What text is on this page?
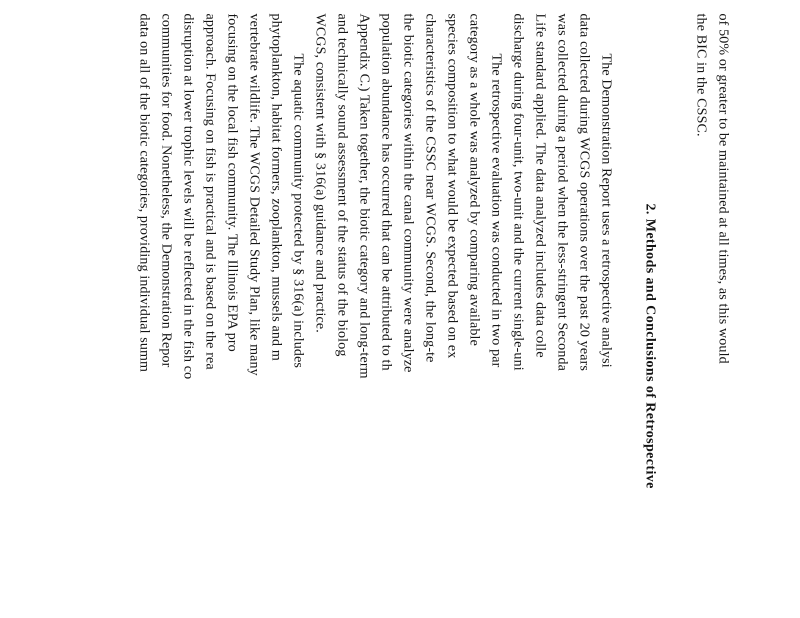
of 50% or greater to be maintained at all times, as this would
the BIC in the CSSC.
2. Methods and Conclusions of Retrospective
The Demonstration Report uses a retrospective analysi
data collected during WCGS operations over the past 20 years
was collected during a period when the less-stringent Seconda
Life standard applied. The data analyzed includes data colle
discharge during four-unit, two-unit and the current single-uni
The retrospective evaluation was conducted in two par
category as a whole was analyzed by comparing available
species composition to what would be expected based on ex
characteristics of the CSSC near WCGS. Second, the long-te
the biotic categories within the canal community were analyze
population abundance has occurred that can be attributed to th
Appendix C.) Taken together, the biotic category and long-term
and technically sound assessment of the status of the biolog
WCGS, consistent with § 316(a) guidance and practice.
The aquatic community protected by § 316(a) includes
phytoplankton, habitat formers, zooplankton, mussels and m
vertebrate wildlife. The WCGS Detailed Study Plan, like many
focusing on the local fish community. The Illinois EPA pro
approach. Focusing on fish is practical and is based on the rea
disruption at lower trophic levels will be reflected in the fish co
communities for food. Nonetheless, the Demonstration Repor
data on all of the biotic categories, providing individual summ
